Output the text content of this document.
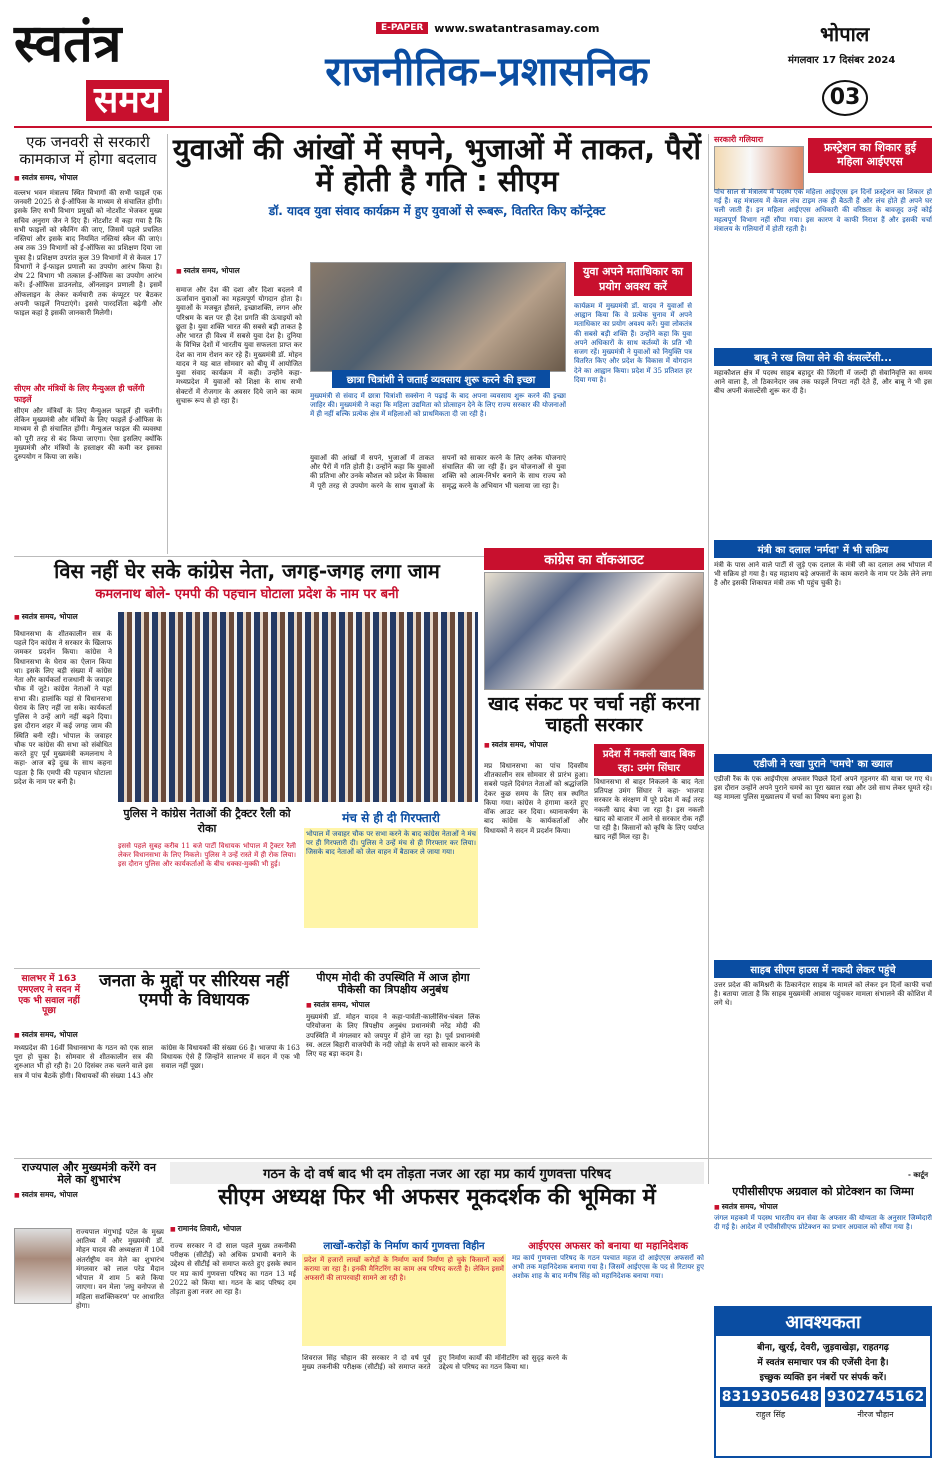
स्वतंत्र
समय
E-PAPER	www.swatantrasamay.com
राजनीतिक–प्रशासनिक
भोपाल
मंगलवार 17 दिसंबर 2024
03
एक जनवरी से सरकारी कामकाज में होगा बदलाव
■ स्वतंत्र समय, भोपाल
वल्लभ भवन मंत्रालय स्थित विभागों की सभी फाइलें एक जनवरी 2025 से ई-ऑफिस के माध्यम से संचालित होंगी। इसके लिए सभी विभाग प्रमुखों को नोटशीट भेजकर मुख्य सचिव अनुराग जैन ने दिए हैं। नोटशीट में कहा गया है कि सभी फाइलों को स्कैनिंग की जाए, जिसमें पहले प्रचलित नस्तियां और इसके बाद नियमित नस्तियां स्कैन की जाएं। अब तक 39 विभागों को ई-ऑफिस का प्रशिक्षण दिया जा चुका है। प्रशिक्षण उपरांत कुल 39 विभागों में से केवल 17 विभागों ने ई-फाइल प्रणाली का उपयोग आरंभ किया है। शेष 22 विभाग भी तत्काल ई-ऑफिस का उपयोग आरंभ करें। ई-ऑफिस डाउनलोड, ऑनलाइन प्रणाली है। इसमें ऑफलाइन के लेकर कर्मचारी तक कंप्यूटर पर बैठकर अपनी फाइलें निपटाएंगे। इससे पारदर्शिता बढ़ेगी और फाइल कहां है इसकी जानकारी मिलेगी।
सीएम और मंत्रियों के लिए मैन्युअल ही चलेंगी फाइलें
सीएम और मंत्रियों के लिए मैन्युअल फाइलें ही चलेंगी। लेकिन मुख्यमंत्री और मंत्रियों के लिए फाइलें ई-ऑफिस के माध्यम से ही संचालित होंगी। मैन्युअल फाइल की व्यवस्था को पूरी तरह से बंद किया जाएगा। ऐसा इसलिए क्योंकि मुख्यमंत्री और मंत्रियों के हस्ताक्षर की कमी कर इसका दुरुपयोग न किया जा सके।
युवाओं की आंखों में सपने, भुजाओं में ताकत, पैरों में होती है गति : सीएम
डॉ. यादव युवा संवाद कार्यक्रम में हुए युवाओं से रूबरू, वितरित किए कॉन्ट्रेक्ट
■ स्वतंत्र समय, भोपाल
समाज और देश की दशा और दिशा बदलने में ऊर्जावान युवाओं का महत्वपूर्ण योगदान होता है। युवाओं के मजबूत हौसले, इच्छाशक्ति, लगन और परिश्रम के बल पर ही देश प्रगति की ऊंचाइयों को छूता है। युवा शक्ति भारत की सबसे बड़ी ताकत है और भारत ही विश्व में सबसे युवा देश है। दुनिया के विभिन्न देशों में भारतीय युवा सफलता प्राप्त कर देश का नाम रोशन कर रहे हैं। मुख्यमंत्री डॉ. मोहन यादव ने यह बात सोमवार को बीयू में आयोजित युवा संवाद कार्यक्रम में कही। उन्होंने कहा- मध्यप्रदेश में युवाओं को शिक्षा के साथ सभी सेक्टरों में रोजगार के अवसर दिये जाने का काम सुचारू रूप से हो रहा है।
छात्रा चित्रांशी ने जताई व्यवसाय शुरू करने की इच्छा
मुख्यमंत्री से संवाद में छात्रा चित्रांशी सक्सेना ने पढ़ाई के बाद अपना व्यवसाय शुरू करने की इच्छा जाहिर की। मुख्यमंत्री ने कहा कि महिला उद्यमिता को प्रोत्साहन देने के लिए राज्य सरकार की योजनाओं में ही नहीं बल्कि प्रत्येक क्षेत्र में महिलाओं को प्राथमिकता दी जा रही है।
युवाओं की आंखों में सपने, भुजाओं में ताकत और पैरों में गति होती है। उन्होंने कहा कि युवाओं की प्रतिभा और उनके कौशल को प्रदेश के विकास में पूरी तरह से उपयोग करने के साथ युवाओं के सपनों को साकार करने के लिए अनेक योजनाएं संचालित की जा रही हैं। इन योजनाओं से युवा शक्ति को आत्म-निर्भर बनाने के साथ राज्य को समृद्ध करने के अभियान भी चलाया जा रहा है।
युवा अपने मताधिकार का प्रयोग अवश्य करें
कार्यक्रम में मुख्यमंत्री डॉ. यादव ने युवाओं से आह्वान किया कि वे प्रत्येक चुनाव में अपने मताधिकार का प्रयोग अवश्य करें। युवा लोकतंत्र की सबसे बड़ी शक्ति हैं। उन्होंने कहा कि युवा अपने अधिकारों के साथ कर्तव्यों के प्रति भी सजग रहें। मुख्यमंत्री ने युवाओं को नियुक्ति पत्र वितरित किए और प्रदेश के विकास में योगदान देने का आह्वान किया। प्रदेश में 35 प्रतिशत हर दिया गया है।
सरकारी गलियारा
फ्रस्ट्रेशन का शिकार हुई महिला आईएएस
पांच साल से मंत्रालय में पदस्थ एक महिला आईएएस इन दिनों फ्रस्ट्रेशन का शिकार हो गई हैं। वह मंत्रालय में केवल लंच टाइम तक ही बैठती हैं और लंच होते ही अपने घर चली जाती हैं। इन महिला आईएएस अधिकारी की वरिष्ठता के बावजूद उन्हें कोई महत्वपूर्ण विभाग नहीं सौंपा गया। इस कारण वे काफी निराश हैं और इसकी चर्चा मंत्रालय के गलियारों में होती रहती है।
बाबू ने रख लिया लेने की कंसल्टेंसी...
महाकौशल क्षेत्र में पदस्थ साहब बहादुर की जिंदगी में जल्दी ही सेवानिवृत्ति का समय आने वाला है, तो ठिकानेदार जब तक फाइलें निपटा नहीं देते हैं, और बाबू ने भी इस बीच अपनी कंसल्टेंसी शुरू कर दी है।
मंत्री का दलाल 'नर्मदा' में भी सक्रिय
मंत्री के पास आने वाले पार्टी से जुड़े एक दलाल के मंत्री जी का दलाल अब भोपाल में भी सक्रिय हो गया है। यह महाशय बड़े अफसरों के काम कराने के नाम पर ठेके लेने लगा है और इसकी शिकायत मंत्री तक भी पहुंच चुकी है।
एडीजी ने रखा पुराने 'चमचे' का ख्याल
एडीजी रैंक के एक आईपीएस अफसर पिछले दिनों अपने गृहनगर की यात्रा पर गए थे। इस दौरान उन्होंने अपने पुराने चमचे का पूरा ख्याल रखा और उसे साथ लेकर घूमते रहे। यह मामला पुलिस मुख्यालय में चर्चा का विषय बना हुआ है।
साहब सीएम हाउस में नकदी लेकर पहुंचे
उत्तर प्रदेश की कमिश्नरी के ठिकानेदार साहब के मामले को लेकर इन दिनों काफी चर्चा है। बताया जाता है कि साहब मुख्यमंत्री आवास पहुंचकर मामला संभालने की कोशिश में लगे थे।
- कार्टून
विस नहीं घेर सके कांग्रेस नेता, जगह-जगह लगा जाम
कमलनाथ बोले- एमपी की पहचान घोटाला प्रदेश के नाम पर बनी
■ स्वतंत्र समय, भोपाल
विधानसभा के शीतकालीन सत्र के पहले दिन कांग्रेस ने सरकार के खिलाफ जमकर प्रदर्शन किया। कांग्रेस ने विधानसभा के घेराव का ऐलान किया था। इसके लिए बड़ी संख्या में कांग्रेस नेता और कार्यकर्ता राजधानी के जवाहर चौक में जुटे। कांग्रेस नेताओं ने यहां सभा की। हालांकि यहां से विधानसभा घेराव के लिए नहीं जा सके। कार्यकर्ता पुलिस ने उन्हें आगे नहीं बढ़ने दिया। इस दौरान शहर में कई जगह जाम की स्थिति बनी रही। भोपाल के जवाहर चौक पर कांग्रेस की सभा को संबोधित करते हुए पूर्व मुख्यमंत्री कमलनाथ ने कहा- आज बड़े दुख के साथ कहना पड़ता है कि एमपी की पहचान घोटाला प्रदेश के नाम पर बनी है।
पुलिस ने कांग्रेस नेताओं की ट्रैक्टर रैली को रोका
इससे पहले सुबह करीब 11 बजे पार्टी विधायक भोपाल में ट्रैक्टर रैली लेकर विधानसभा के लिए निकले। पुलिस ने उन्हें रास्ते में ही रोक लिया। इस दौरान पुलिस और कार्यकर्ताओं के बीच धक्का-मुक्की भी हुई।
मंच से ही दी गिरफ्तारी
भोपाल में जवाहर चौक पर सभा करने के बाद कांग्रेस नेताओं ने मंच पर ही गिरफ्तारी दी। पुलिस ने उन्हें मंच से ही गिरफ्तार कर लिया। जिसके बाद नेताओं को जेल वाहन में बैठाकर ले जाया गया।
कांग्रेस का वॉकआउट
खाद संकट पर चर्चा नहीं करना चाहती सरकार
■ स्वतंत्र समय, भोपाल
मप्र विधानसभा का पांच दिवसीय शीतकालीन सत्र सोमवार से प्रारंभ हुआ। सबसे पहले दिवंगत नेताओं को श्रद्धांजलि देकर कुछ समय के लिए सत्र स्थगित किया गया। कांग्रेस ने हंगामा करते हुए वॉक आउट कर दिया। ध्यानाकर्षण के बाद कांग्रेस के कार्यकर्ताओं और विधायकों ने सदन में प्रदर्शन किया।
प्रदेश में नकली खाद बिक रहा: उमंग सिंघार
विधानसभा से बाहर निकलने के बाद नेता प्रतिपक्ष उमंग सिंघार ने कहा- भाजपा सरकार के संरक्षण में पूरे प्रदेश में कई तरह नकली खाद बेचा जा रहा है। इस नकली खाद को बाजार में आने से सरकार रोक नहीं पा रही है। किसानों को कृषि के लिए पर्याप्त खाद नहीं मिल रहा है।
सालभर में 163 एमएलए ने सदन में एक भी सवाल नहीं पूछा
जनता के मुद्दों पर सीरियस नहीं एमपी के विधायक
■ स्वतंत्र समय, भोपाल
मध्यप्रदेश की 16वीं विधानसभा के गठन को एक साल पूरा हो चुका है। सोमवार से शीतकालीन सत्र की शुरुआत भी हो रही है। 20 दिसंबर तक चलने वाले इस सत्र में पांच बैठकें होंगी। विधायकों की संख्या 143 और कांग्रेस के विधायकों की संख्या 66 है। भाजपा के 163 विधायक ऐसे हैं जिन्होंने सालभर में सदन में एक भी सवाल नहीं पूछा।
पीएम मोदी की उपस्थिति में आज होगा पीकेसी का त्रिपक्षीय अनुबंध
■ स्वतंत्र समय, भोपाल
मुख्यमंत्री डॉ. मोहन यादव ने कहा-पार्वती-कालीसिंध-चंबल लिंक परियोजना के लिए त्रिपक्षीय अनुबंध प्रधानमंत्री नरेंद्र मोदी की उपस्थिति में मंगलवार को जयपुर में होने जा रहा है। पूर्व प्रधानमंत्री स्व. अटल बिहारी वाजपेयी के नदी जोड़ो के सपने को साकार करने के लिए यह बड़ा कदम है।
राज्यपाल और मुख्यमंत्री करेंगे वन मेले का शुभारंभ
■ स्वतंत्र समय, भोपाल
राज्यपाल मंगुभाई पटेल के मुख्य आतिथ्य में और मुख्यमंत्री डॉ. मोहन यादव की अध्यक्षता में 10वें अंतर्राष्ट्रीय वन मेले का शुभारंभ मंगलवार को लाल परेड मैदान भोपाल में शाम 5 बजे किया जाएगा। वन मेला 'लघु वनोपज से महिला सशक्तिकरण' पर आधारित होगा।
गठन के दो वर्ष बाद भी दम तोड़ता नजर आ रहा मप्र कार्य गुणवत्ता परिषद
सीएम अध्यक्ष फिर भी अफसर मूकदर्शक की भूमिका में
■ रामानंद तिवारी, भोपाल
राज्य सरकार ने दो साल पहले मुख्य तकनीकी परीक्षक (सीटीई) को अधिक प्रभावी बनाने के उद्देश्य से सीटीई को समाप्त करते हुए इसके स्थान पर मप्र कार्य गुणवत्ता परिषद का गठन 13 मई 2022 को किया था। गठन के बाद परिषद दम तोड़ता हुआ नजर आ रहा है।
लाखों-करोड़ों के निर्माण कार्य गुणवत्ता विहीन
प्रदेश में हजारों लाखों करोड़ों के निर्माण कार्य निर्माण हो चुके किसानों कार्य कराया जा रहा है। इनकी मैनिटरिंग का काम अब परिषद करती है। लेकिन इसमें अफसरों की लापरवाही सामने आ रही है।
आईएएस अफसर को बनाया था महानिदेशक
मप्र कार्य गुणवत्ता परिषद के गठन पश्चात महज दो आईएएस अफसरों को अभी तक महानिदेशक बनाया गया है। जिसमें आईएएस के पद से रिटायर हुए अशोक शाह के बाद मनीष सिंह को महानिदेशक बनाया गया।
शिवराज सिंह चौहान की सरकार ने दो वर्ष पूर्व मुख्य तकनीकी परीक्षक (सीटीई) को समाप्त करते हुए निर्माण कार्यों की मॉनीटरिंग को सुदृढ़ करने के उद्देश्य से परिषद का गठन किया था।
एपीसीसीएफ अग्रवाल को प्रोटेक्शन का जिम्मा
■ स्वतंत्र समय, भोपाल
जंगल महकमे में पदस्थ भारतीय वन सेवा के अफसर की योग्यता के अनुसार जिम्मेदारी दी गई है। आदेश में एपीसीसीएफ प्रोटेक्शन का प्रभार अग्रवाल को सौंपा गया है।
आवश्यकता
बीना, खुरई, देवरी, जुड़वाखेड़ा, राहतगढ़
में स्वतंत्र समाचार पत्र की एजेंसी देना है।
इच्छुक व्यक्ति इन नंबरों पर संपर्क करें।
8319305648
राहुल सिंह
9302745162
नीरज चौहान
